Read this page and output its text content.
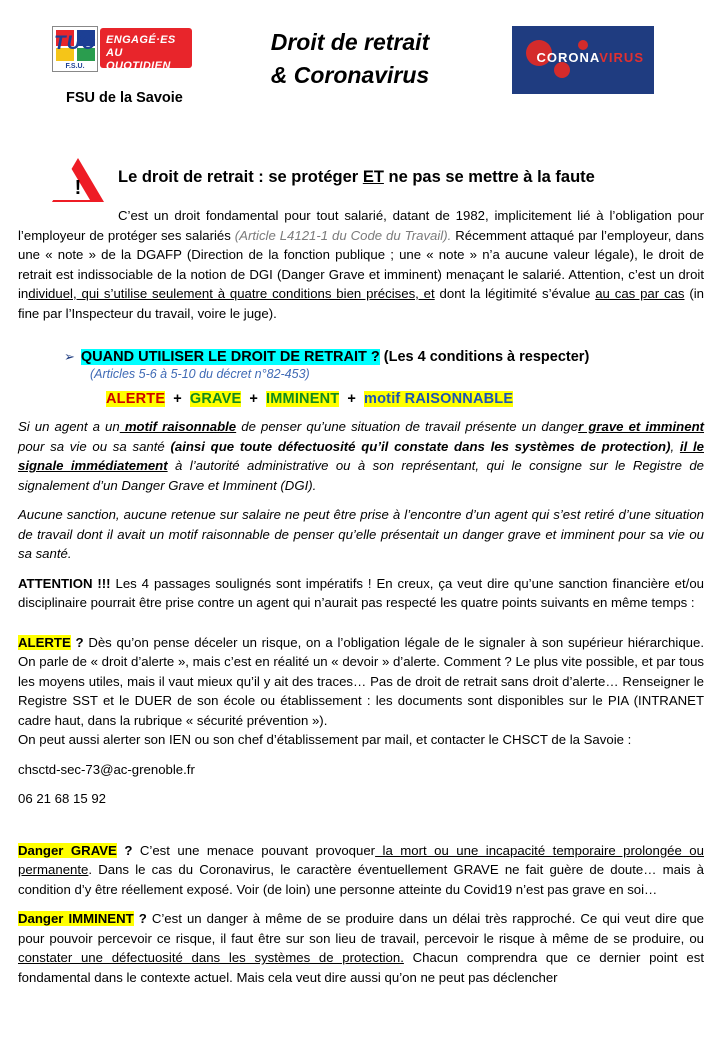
TUC
F.S.U.
ENGAGÉ·ES
AU QUOTIDIEN
FSU de la Savoie
Droit de retrait
& Coronavirus
CORONAVIRUS
!	Le droit de retrait : se protéger ET ne pas se mettre à la faute

C’est un droit fondamental pour tout salarié, datant de 1982, implicitement lié à l’obligation pour l’employeur de protéger ses salariés (Article L4121-1 du Code du Travail). Récemment attaqué par l’employeur, dans une « note » de la DGAFP (Direction de la fonction publique ; une « note » n’a aucune valeur légale), le droit de retrait est indissociable de la notion de DGI (Danger Grave et imminent) menaçant le salarié. Attention, c’est un droit individuel, qui s’utilise seulement à quatre conditions bien précises, et dont la légitimité s’évalue au cas par cas (in fine par l’Inspecteur du travail, voire le juge).

➢ QUAND UTILISER LE DROIT DE RETRAIT ? (Les 4 conditions à respecter)
(Articles 5-6 à 5-10 du décret n°82-453)
ALERTE + GRAVE + IMMINENT + motif RAISONNABLE

Si un agent a un motif raisonnable de penser qu’une situation de travail présente un danger grave et imminent pour sa vie ou sa santé (ainsi que toute défectuosité qu’il constate dans les systèmes de protection), il le signale immédiatement à l’autorité administrative ou à son représentant, qui le consigne sur le Registre de signalement d’un Danger Grave et Imminent (DGI).

Aucune sanction, aucune retenue sur salaire ne peut être prise à l’encontre d’un agent qui s’est retiré d’une situation de travail dont il avait un motif raisonnable de penser qu’elle présentait un danger grave et imminent pour sa vie ou sa santé.

ATTENTION !!! Les 4 passages soulignés sont impératifs ! En creux, ça veut dire qu’une sanction financière et/ou disciplinaire pourrait être prise contre un agent qui n’aurait pas respecté les quatre points suivants en même temps :

ALERTE ? Dès qu’on pense déceler un risque, on a l’obligation légale de le signaler à son supérieur hiérarchique. On parle de « droit d’alerte », mais c’est en réalité un « devoir » d’alerte. Comment ? Le plus vite possible, et par tous les moyens utiles, mais il vaut mieux qu’il y ait des traces… Pas de droit de retrait sans droit d’alerte… Renseigner le Registre SST et le DUER de son école ou établissement : les documents sont disponibles sur le PIA (INTRANET cadre haut, dans la rubrique « sécurité prévention »).
On peut aussi alerter son IEN ou son chef d’établissement par mail, et contacter le CHSCT de la Savoie :

chsctd-sec-73@ac-grenoble.fr

06 21 68 15 92

Danger GRAVE ? C’est une menace pouvant provoquer la mort ou une incapacité temporaire prolongée ou permanente. Dans le cas du Coronavirus, le caractère éventuellement GRAVE ne fait guère de doute… mais à condition d’y être réellement exposé. Voir (de loin) une personne atteinte du Covid19 n’est pas grave en soi…

Danger IMMINENT ? C’est un danger à même de se produire dans un délai très rapproché. Ce qui veut dire que pour pouvoir percevoir ce risque, il faut être sur son lieu de travail, percevoir le risque à même de se produire, ou constater une défectuosité dans les systèmes de protection. Chacun comprendra que ce dernier point est fondamental dans le contexte actuel. Mais cela veut dire aussi qu’on ne peut pas déclencher
